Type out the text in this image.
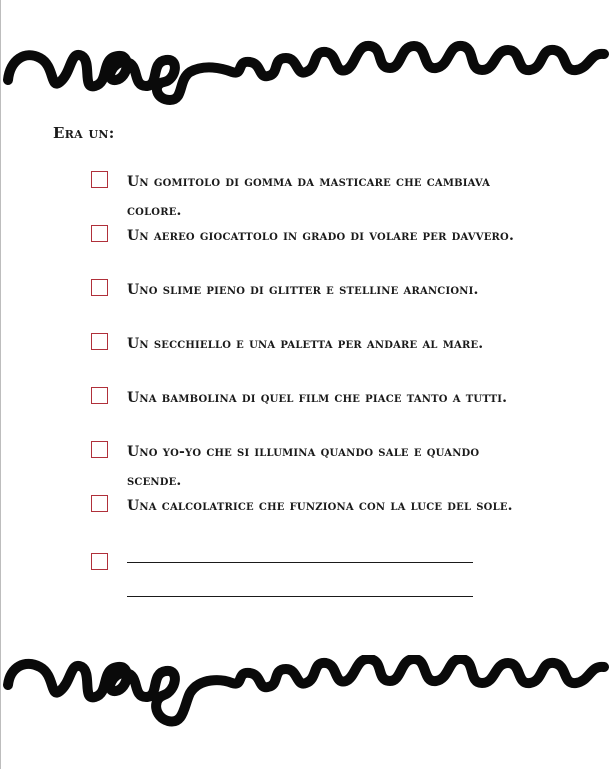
Era un:
Un gomitolo di gomma da masticare che cambiava colore.
Un aereo giocattolo in grado di volare per davvero.
Uno slime pieno di glitter e stelline arancioni.
Un secchiello e una paletta per andare al mare.
Una bambolina di quel film che piace tanto a tutti.
Uno yo-yo che si illumina quando sale e quando scende.
Una calcolatrice che funziona con la luce del sole.
